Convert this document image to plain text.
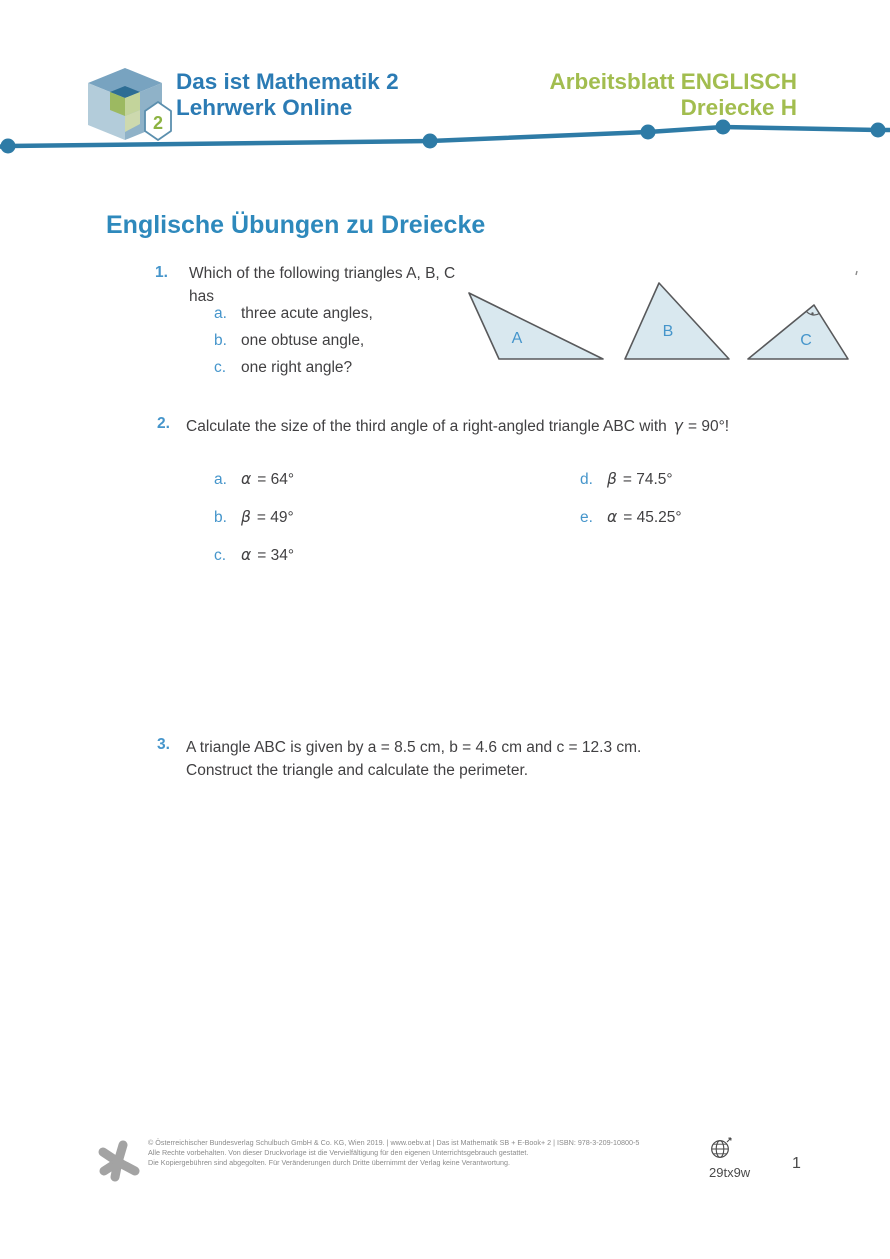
2
Das ist Mathematik 2
Lehrwerk Online
Arbeitsblatt ENGLISCH
Dreiecke H
Englische Übungen zu Dreiecke
1. Which of the following triangles A, B, C has
a. three acute angles,
b. one obtuse angle,
c. one right angle?
A	B
C
2. Calculate the size of the third angle of a right-angled triangle ABC with γ = 90°!
a. α = 64°
b. β = 49°
c. α = 34°
d. β = 74.5°
e. α = 45.25°
3. A triangle ABC is given by a = 8.5 cm, b = 4.6 cm and c = 12.3 cm.
Construct the triangle and calculate the perimeter.
© Österreichischer Bundesverlag Schulbuch GmbH & Co. KG, Wien 2019. | www.oebv.at | Das ist Mathematik SB + E-Book+ 2 | ISBN: 978-3-209-10800-5
Alle Rechte vorbehalten. Von dieser Druckvorlage ist die Vervielfältigung für den eigenen Unterrichtsgebrauch gestattet.
Die Kopiergebühren sind abgegolten. Für Veränderungen durch Dritte übernimmt der Verlag keine Verantwortung.
29tx9w
1
